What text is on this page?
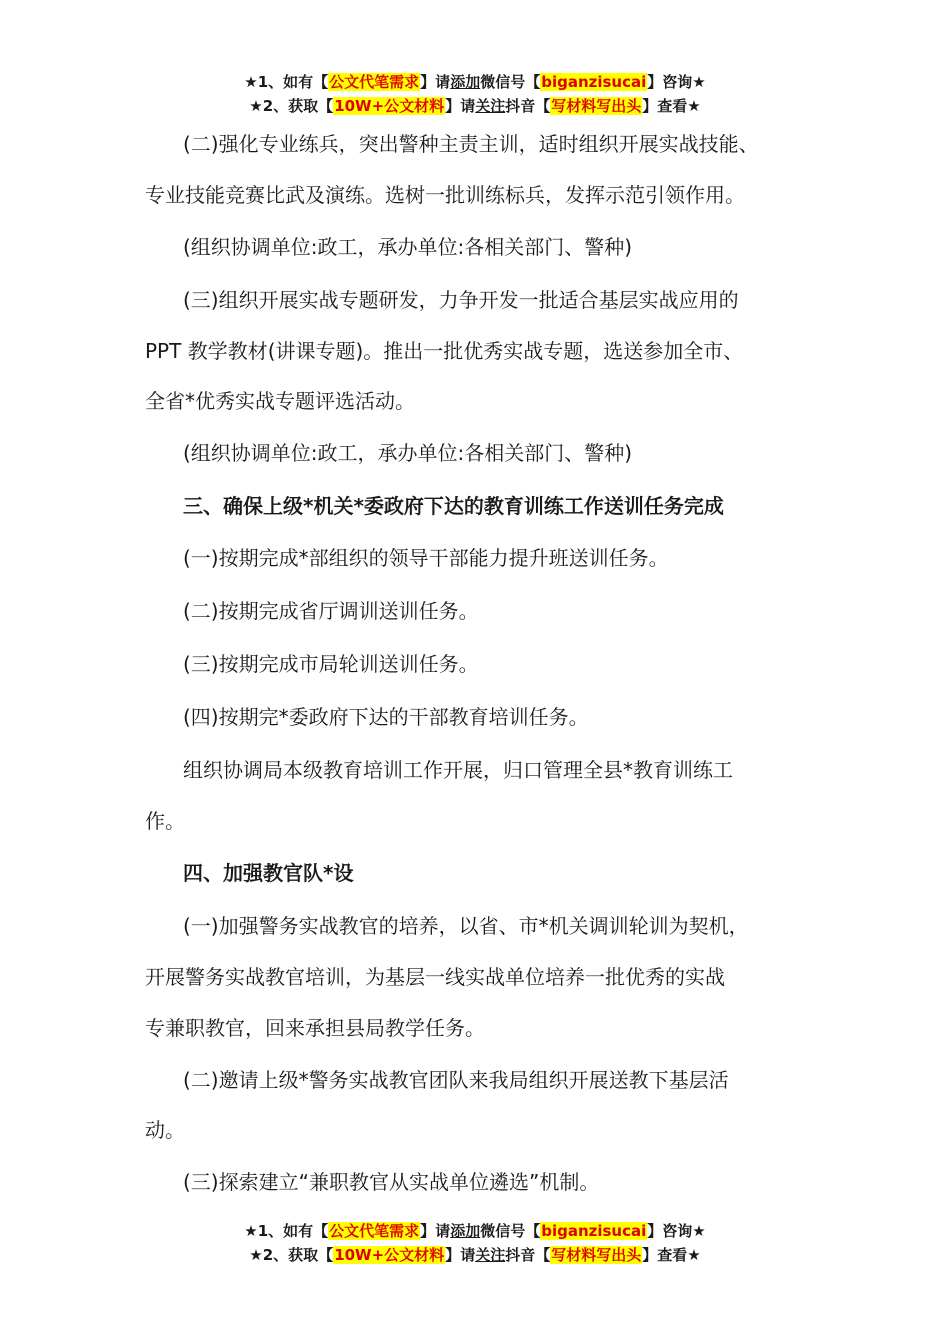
★1、如有【公文代笔需求】请添加微信号【biganzisucai】咨询★
★2、获取【10W+公文材料】请关注抖音【写材料写出头】查看★
(二)强化专业练兵，突出警种主责主训，适时组织开展实战技能、
专业技能竞赛比武及演练。选树一批训练标兵，发挥示范引领作用。
(组织协调单位:政工，承办单位:各相关部门、警种)
(三)组织开展实战专题研发，力争开发一批适合基层实战应用的
PPT 教学教材(讲课专题)。推出一批优秀实战专题，选送参加全市、
全省*优秀实战专题评选活动。
(组织协调单位:政工，承办单位:各相关部门、警种)
三、确保上级*机关*委政府下达的教育训练工作送训任务完成
(一)按期完成*部组织的领导干部能力提升班送训任务。
(二)按期完成省厅调训送训任务。
(三)按期完成市局轮训送训任务。
(四)按期完*委政府下达的干部教育培训任务。
组织协调局本级教育培训工作开展，归口管理全县*教育训练工
作。
四、加强教官队*设
(一)加强警务实战教官的培养，以省、市*机关调训轮训为契机，
开展警务实战教官培训，为基层一线实战单位培养一批优秀的实战
专兼职教官，回来承担县局教学任务。
(二)邀请上级*警务实战教官团队来我局组织开展送教下基层活
动。
(三)探索建立“兼职教官从实战单位遴选”机制。
★1、如有【公文代笔需求】请添加微信号【biganzisucai】咨询★
★2、获取【10W+公文材料】请关注抖音【写材料写出头】查看★
